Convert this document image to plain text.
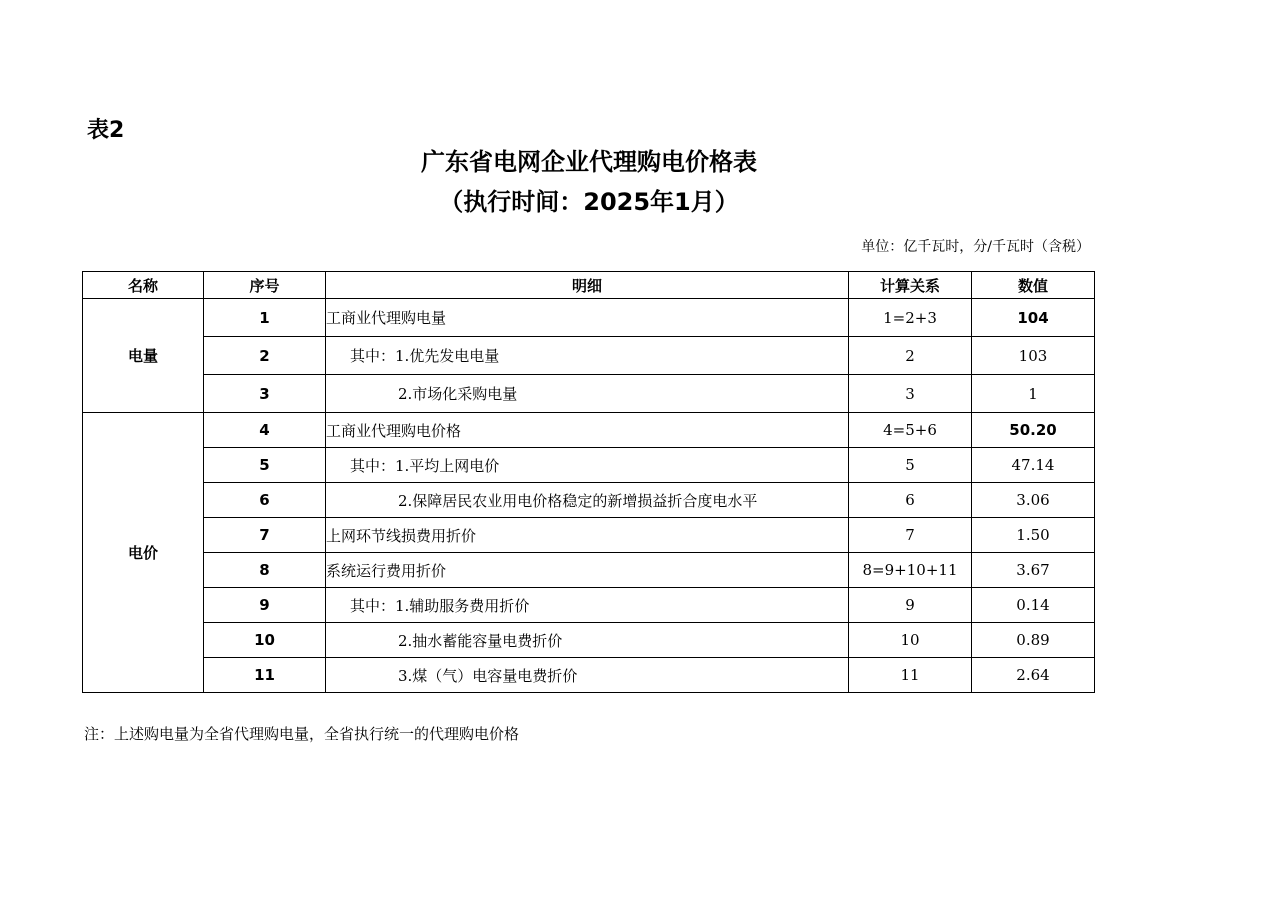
表2
广东省电网企业代理购电价格表
（执行时间：2025年1月）
单位：亿千瓦时，分/千瓦时（含税）
名称	序号	明细	计算关系	数值
电量	1	工商业代理购电量	1=2+3	104
	2	其中：1.优先发电电量	2	103
	3	2.市场化采购电量	3	1
电价	4	工商业代理购电价格	4=5+6	50.20
	5	其中：1.平均上网电价	5	47.14
	6	2.保障居民农业用电价格稳定的新增损益折合度电水平	6	3.06
	7	上网环节线损费用折价	7	1.50
	8	系统运行费用折价	8=9+10+11	3.67
	9	其中：1.辅助服务费用折价	9	0.14
	10	2.抽水蓄能容量电费折价	10	0.89
	11	3.煤（气）电容量电费折价	11	2.64
注：上述购电量为全省代理购电量，全省执行统一的代理购电价格
